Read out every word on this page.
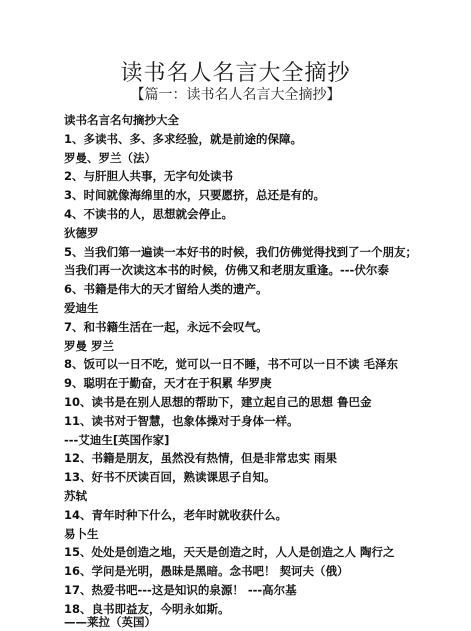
读书名人名言大全摘抄
【篇一：读书名人名言大全摘抄】
读书名言名句摘抄大全
1、多读书、多、多求经验，就是前途的保障。
罗曼、罗兰（法）
2、与肝胆人共事，无字句处读书
3、时间就像海绵里的水，只要愿挤，总还是有的。
4、不读书的人，思想就会停止。
狄德罗
5、当我们第一遍读一本好书的时候，我们仿佛觉得找到了一个朋友；
当我们再一次读这本书的时候，仿佛又和老朋友重逢。---伏尔泰
6、书籍是伟大的天才留给人类的遗产。
爱迪生
7、和书籍生活在一起，永远不会叹气。
罗曼 罗兰
8、饭可以一日不吃，觉可以一日不睡，书不可以一日不读 毛泽东
9、聪明在于勤奋，天才在于积累 华罗庚
10、读书是在别人思想的帮助下，建立起自己的思想 鲁巴金
11、读书对于智慧，也象体操对于身体一样。
---艾迪生[英国作家]
12、书籍是朋友，虽然没有热情，但是非常忠实 雨果
13、好书不厌读百回，熟读课思子自知。
苏轼
14、青年时种下什么，老年时就收获什么。
易卜生
15、处处是创造之地，天天是创造之时，人人是创造之人 陶行之
16、学问是光明，愚昧是黑暗。念书吧！ 契诃夫（俄）
17、热爱书吧---这是知识的泉源！ ---高尔基
18、良书即益友，今明永如斯。
——莱拉（英国）
